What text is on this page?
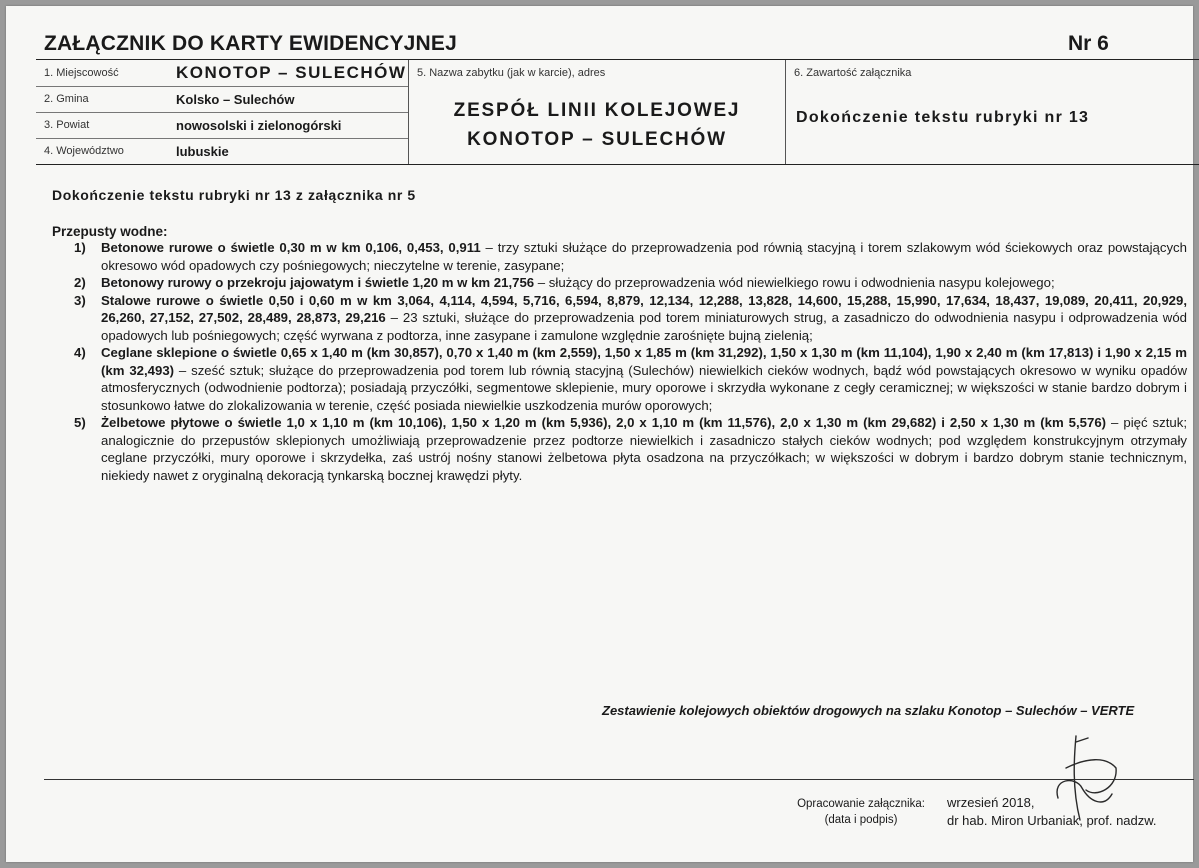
ZAŁĄCZNIK DO KARTY EWIDENCYJNEJ	Nr 6
1. Miejscowość	KONOTOP – SULECHÓW
2. Gmina	Kolsko – Sulechów
3. Powiat	nowosolski i zielonogórski
4. Województwo	lubuskie
5. Nazwa zabytku (jak w karcie), adres
ZESPÓŁ LINII KOLEJOWEJ
KONOTOP – SULECHÓW
6. Zawartość załącznika
Dokończenie tekstu rubryki nr 13
Dokończenie tekstu rubryki nr 13 z załącznika nr 5
Przepusty wodne:
1) Betonowe rurowe o świetle 0,30 m w km 0,106, 0,453, 0,911 – trzy sztuki służące do przeprowadzenia pod równią stacyjną i torem szlakowym wód ściekowych oraz powstających okresowo wód opadowych czy pośniegowych; nieczytelne w terenie, zasypane;
2) Betonowy rurowy o przekroju jajowatym i świetle 1,20 m w km 21,756 – służący do przeprowadzenia wód niewielkiego rowu i odwodnienia nasypu kolejowego;
3) Stalowe rurowe o świetle 0,50 i 0,60 m w km 3,064, 4,114, 4,594, 5,716, 6,594, 8,879, 12,134, 12,288, 13,828, 14,600, 15,288, 15,990, 17,634, 18,437, 19,089, 20,411, 20,929, 26,260, 27,152, 27,502, 28,489, 28,873, 29,216 – 23 sztuki, służące do przeprowadzenia pod torem miniaturowych strug, a zasadniczo do odwodnienia nasypu i odprowadzenia wód opadowych lub pośniegowych; część wyrwana z podtorza, inne zasypane i zamulone względnie zarośnięte bujną zielenią;
4) Ceglane sklepione o świetle 0,65 x 1,40 m (km 30,857), 0,70 x 1,40 m (km 2,559), 1,50 x 1,85 m (km 31,292), 1,50 x 1,30 m (km 11,104), 1,90 x 2,40 m (km 17,813) i 1,90 x 2,15 m (km 32,493) – sześć sztuk; służące do przeprowadzenia pod torem lub równią stacyjną (Sulechów) niewielkich cieków wodnych, bądź wód powstających okresowo w wyniku opadów atmosferycznych (odwodnienie podtorza); posiadają przyczółki, segmentowe sklepienie, mury oporowe i skrzydła wykonane z cegły ceramicznej; w większości w stanie bardzo dobrym i stosunkowo łatwe do zlokalizowania w terenie, część posiada niewielkie uszkodzenia murów oporowych;
5) Żelbetowe płytowe o świetle 1,0 x 1,10 m (km 10,106), 1,50 x 1,20 m (km 5,936), 2,0 x 1,10 m (km 11,576), 2,0 x 1,30 m (km 29,682) i 2,50 x 1,30 m (km 5,576) – pięć sztuk; analogicznie do przepustów sklepionych umożliwiają przeprowadzenie przez podtorze niewielkich i zasadniczo stałych cieków wodnych; pod względem konstrukcyjnym otrzymały ceglane przyczółki, mury oporowe i skrzydełka, zaś ustrój nośny stanowi żelbetowa płyta osadzona na przyczółkach; w większości w dobrym i bardzo dobrym stanie technicznym, niekiedy nawet z oryginalną dekoracją tynkarską bocznej krawędzi płyty.
Zestawienie kolejowych obiektów drogowych na szlaku Konotop – Sulechów – VERTE
Opracowanie załącznika:
(data i podpis)
wrzesień 2018,
dr hab. Miron Urbaniak, prof. nadzw.
